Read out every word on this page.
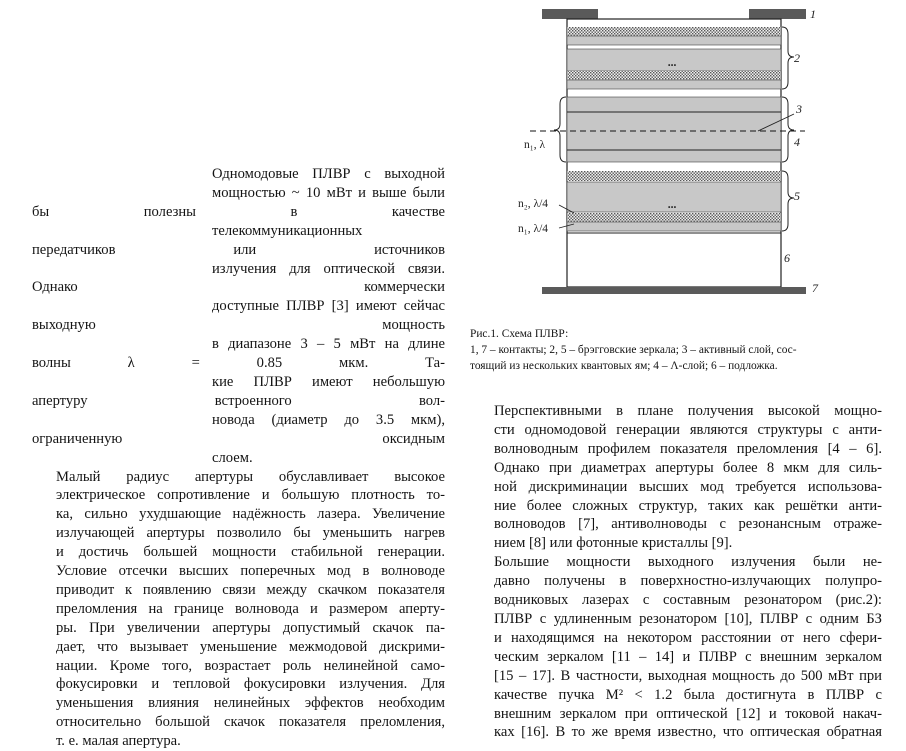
Одномодовые ПЛВР с выходной
мощностью ~ 10 мВт и выше были бы полезны в качестве
телекоммуникационных передатчиков или источников
излучения для оптической связи. Однако коммерчески
доступные ПЛВР [3] имеют сейчас выходную мощность
в диапазоне 3 – 5 мВт на длине волны λ = 0.85 мкм. Та-
кие ПЛВР имеют небольшую апертуру встроенного вол-
новода (диаметр до 3.5 мкм), ограниченную оксидным
слоем.

Малый радиус апертуры обуславливает высокое
электрическое сопротивление и большую плотность то-
ка, сильно ухудшающие надёжность лазера. Увеличение
излучающей апертуры позволило бы уменьшить нагрев
и достичь большей мощности стабильной генерации.
Условие отсечки высших поперечных мод в волноводе
приводит к появлению связи между скачком показателя
преломления на границе волновода и размером аперту-
ры. При увеличении апертуры допустимый скачок па-
дает, что вызывает уменьшение межмодовой дискрими-
нации. Кроме того, возрастает роль нелинейной само-
фокусировки и тепловой фокусировки излучения. Для
уменьшения влияния нелинейных эффектов необходим
относительно большой скачок показателя преломления,
т. е. малая апертура.

...
...
1
2
3
4
5
6
7
n₁, λ
n₂, λ/4
n₁, λ/4
Рис.1. Схема ПЛВР:
1, 7 – контакты; 2, 5 – брэгговские зеркала; 3 – активный слой, сос-
тоящий из нескольких квантовых ям; 4 – Λ-слой; 6 – подложка.

Перспективными в плане получения высокой мощно-
сти одномодовой генерации являются структуры с анти-
волноводным профилем показателя преломления [4 – 6].
Однако при диаметрах апертуры более 8 мкм для силь-
ной дискриминации высших мод требуется использова-
ние более сложных структур, таких как решётки анти-
волноводов [7], антиволноводы с резонансным отраже-
нием [8] или фотонные кристаллы [9].

Большие мощности выходного излучения были не-
давно получены в поверхностно-излучающих полупро-
водниковых лазерах с составным резонатором (рис.2):
ПЛВР с удлиненным резонатором [10], ПЛВР с одним БЗ
и находящимся на некотором расстоянии от него сфери-
ческим зеркалом [11 – 14] и ПЛВР с внешним зеркалом
[15 – 17]. В частности, выходная мощность до 500 мВт при
качестве пучка M² < 1.2 была достигнута в ПЛВР с
внешним зеркалом при оптической [12] и токовой накач-
ках [16]. В то же время известно, что оптическая обратная
